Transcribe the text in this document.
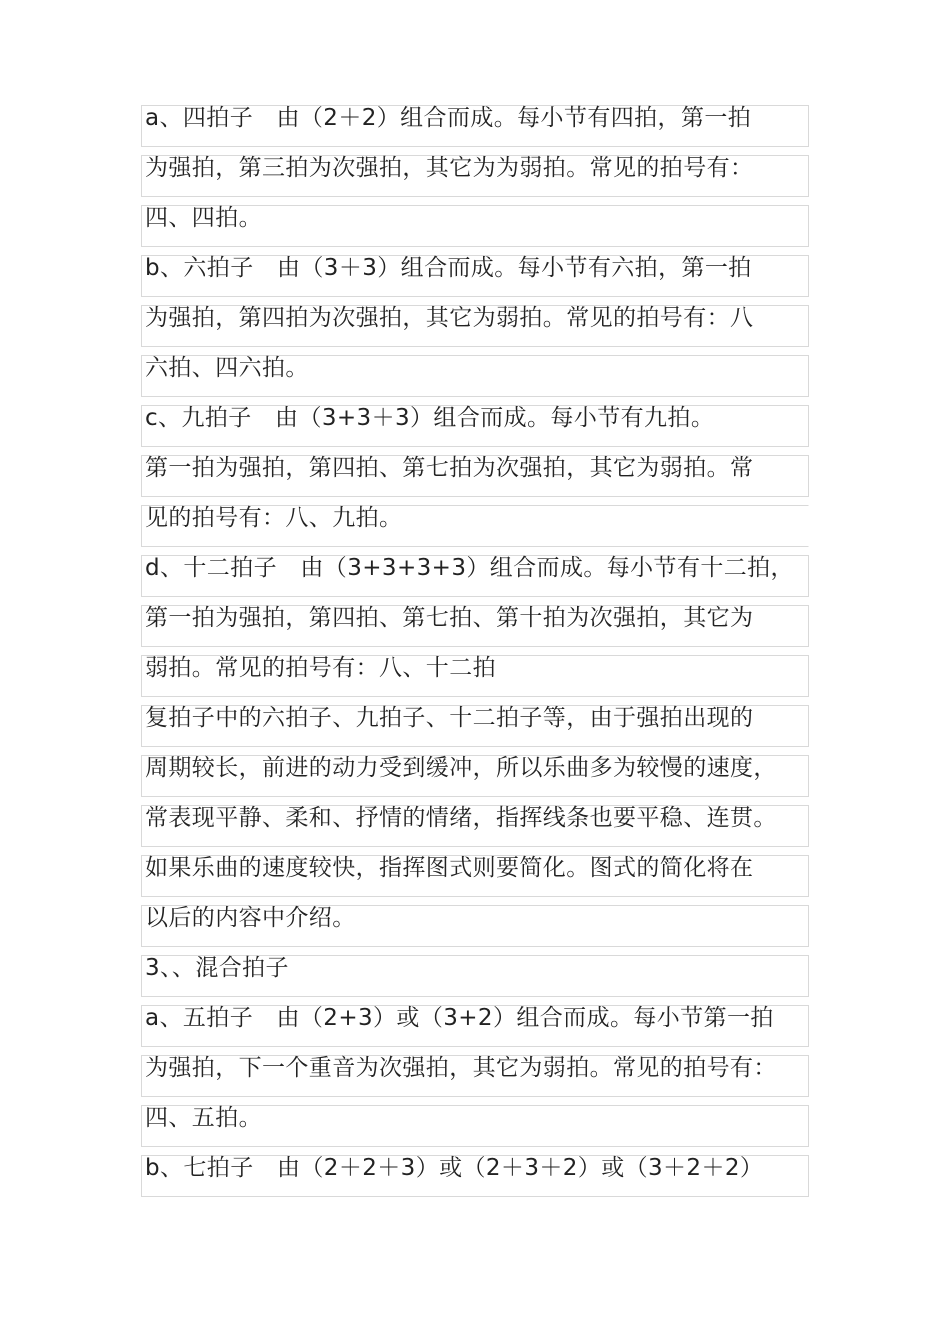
a、四拍子　由（2＋2）组合而成。每小节有四拍，第一拍
为强拍，第三拍为次强拍，其它为为弱拍。常见的拍号有：
四、四拍。
b、六拍子　由（3＋3）组合而成。每小节有六拍，第一拍
为强拍，第四拍为次强拍，其它为弱拍。常见的拍号有：八
六拍、四六拍。
c、九拍子　由（3+3＋3）组合而成。每小节有九拍。
第一拍为强拍，第四拍、第七拍为次强拍，其它为弱拍。常
见的拍号有：八、九拍。
d、十二拍子　由（3+3+3+3）组合而成。每小节有十二拍，
第一拍为强拍，第四拍、第七拍、第十拍为次强拍，其它为
弱拍。常见的拍号有：八、十二拍
复拍子中的六拍子、九拍子、十二拍子等，由于强拍出现的
周期较长，前进的动力受到缓冲，所以乐曲多为较慢的速度，
常表现平静、柔和、抒情的情绪，指挥线条也要平稳、连贯。
如果乐曲的速度较快，指挥图式则要简化。图式的简化将在
以后的内容中介绍。
3、、混合拍子
a、五拍子　由（2+3）或（3+2）组合而成。每小节第一拍
为强拍，下一个重音为次强拍，其它为弱拍。常见的拍号有：
四、五拍。
b、七拍子　由（2＋2＋3）或（2＋3＋2）或（3＋2＋2）
